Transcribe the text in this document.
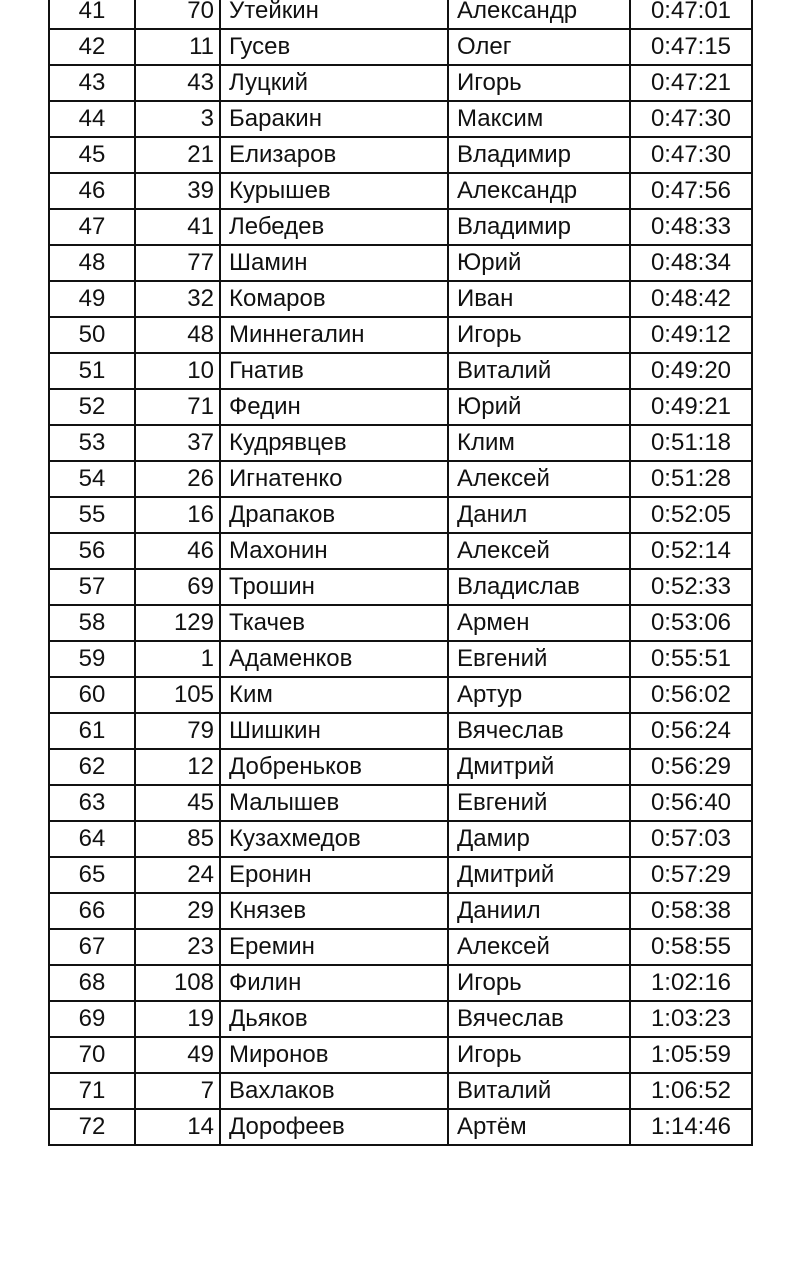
41	70	Утейкин	Александр	0:47:01
42	11	Гусев	Олег	0:47:15
43	43	Луцкий	Игорь	0:47:21
44	3	Баракин	Максим	0:47:30
45	21	Елизаров	Владимир	0:47:30
46	39	Курышев	Александр	0:47:56
47	41	Лебедев	Владимир	0:48:33
48	77	Шамин	Юрий	0:48:34
49	32	Комаров	Иван	0:48:42
50	48	Миннегалин	Игорь	0:49:12
51	10	Гнатив	Виталий	0:49:20
52	71	Федин	Юрий	0:49:21
53	37	Кудрявцев	Клим	0:51:18
54	26	Игнатенко	Алексей	0:51:28
55	16	Драпаков	Данил	0:52:05
56	46	Махонин	Алексей	0:52:14
57	69	Трошин	Владислав	0:52:33
58	129	Ткачев	Армен	0:53:06
59	1	Адаменков	Евгений	0:55:51
60	105	Ким	Артур	0:56:02
61	79	Шишкин	Вячеслав	0:56:24
62	12	Добреньков	Дмитрий	0:56:29
63	45	Малышев	Евгений	0:56:40
64	85	Кузахмедов	Дамир	0:57:03
65	24	Еронин	Дмитрий	0:57:29
66	29	Князев	Даниил	0:58:38
67	23	Еремин	Алексей	0:58:55
68	108	Филин	Игорь	1:02:16
69	19	Дьяков	Вячеслав	1:03:23
70	49	Миронов	Игорь	1:05:59
71	7	Вахлаков	Виталий	1:06:52
72	14	Дорофеев	Артём	1:14:46
